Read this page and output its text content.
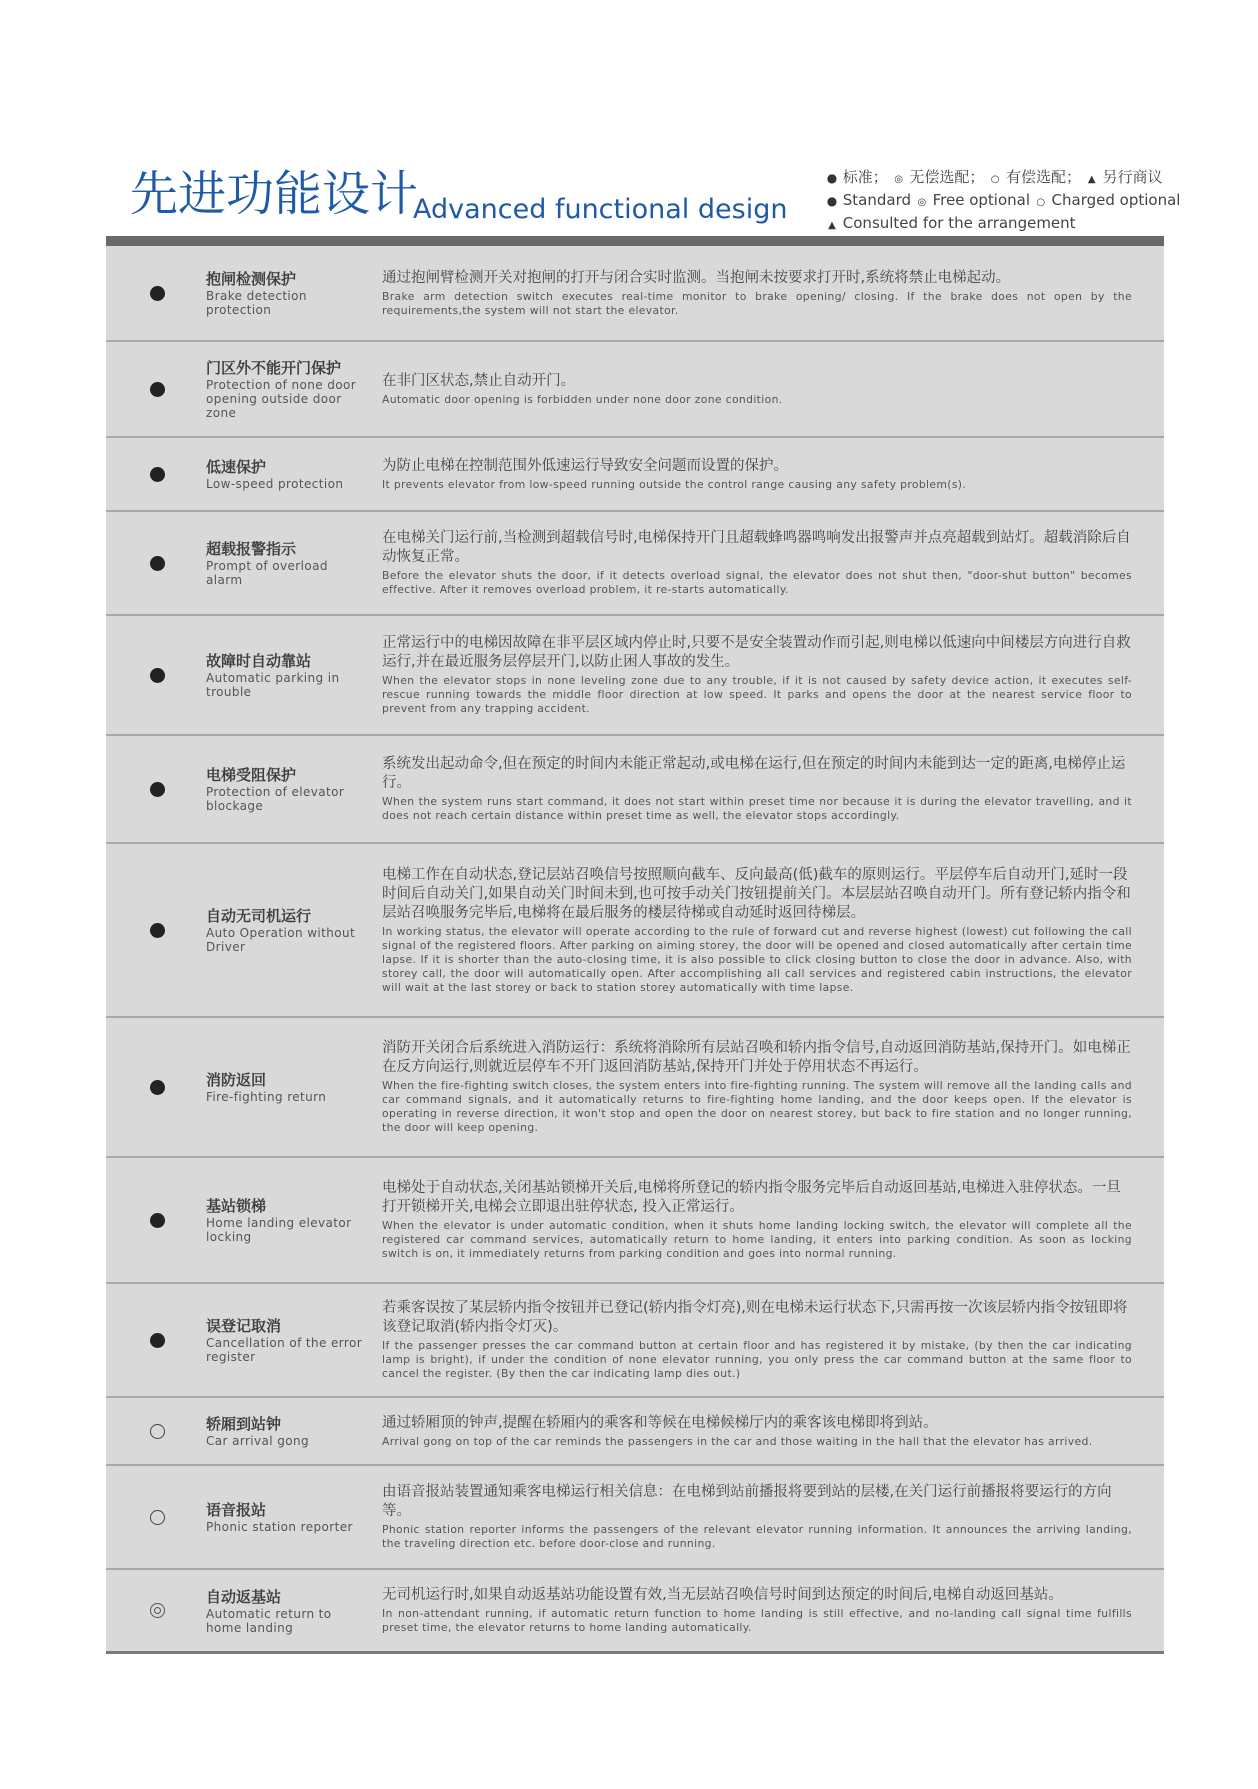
先进功能设计
Advanced functional design
● 标准； ◎ 无偿选配； ○ 有偿选配； ▲ 另行商议
● Standard ◎ Free optional ○ Charged optional
▲ Consulted for the arrangement
抱闸检测保护
Brake detection protection
通过抱闸臂检测开关对抱闸的打开与闭合实时监测。当抱闸未按要求打开时,系统将禁止电梯起动。
Brake arm detection switch executes real-time monitor to brake opening/ closing. If the brake does not open by the requirements,the system will not start the elevator.
门区外不能开门保护
Protection of none door opening outside door zone
在非门区状态,禁止自动开门。
Automatic door opening is forbidden under none door zone condition.
低速保护
Low-speed protection
为防止电梯在控制范围外低速运行导致安全问题而设置的保护。
It prevents elevator from low-speed running outside the control range causing any safety problem(s).
超载报警指示
Prompt of overload alarm
在电梯关门运行前,当检测到超载信号时,电梯保持开门且超载蜂鸣器鸣响发出报警声并点亮超载到站灯。超载消除后自动恢复正常。
Before the elevator shuts the door, if it detects overload signal, the elevator does not shut then, "door-shut button" becomes effective. After it removes overload problem, it re-starts automatically.
故障时自动靠站
Automatic parking in trouble
正常运行中的电梯因故障在非平层区域内停止时,只要不是安全装置动作而引起,则电梯以低速向中间楼层方向进行自救运行,并在最近服务层停层开门,以防止困人事故的发生。
When the elevator stops in none leveling zone due to any trouble, if it is not caused by safety device action, it executes self-rescue running towards the middle floor direction at low speed. It parks and opens the door at the nearest service floor to prevent from any trapping accident.
电梯受阻保护
Protection of elevator blockage
系统发出起动命令,但在预定的时间内未能正常起动,或电梯在运行,但在预定的时间内未能到达一定的距离,电梯停止运行。
When the system runs start command, it does not start within preset time nor because it is during the elevator travelling, and it does not reach certain distance within preset time as well, the elevator stops accordingly.
自动无司机运行
Auto Operation without Driver
电梯工作在自动状态,登记层站召唤信号按照顺向截车、反向最高(低)截车的原则运行。平层停车后自动开门,延时一段时间后自动关门,如果自动关门时间未到,也可按手动关门按钮提前关门。本层层站召唤自动开门。所有登记轿内指令和层站召唤服务完毕后,电梯将在最后服务的楼层待梯或自动延时返回待梯层。
In working status, the elevator will operate according to the rule of forward cut and reverse highest (lowest) cut following the call signal of the registered floors. After parking on aiming storey, the door will be opened and closed automatically after certain time lapse. If it is shorter than the auto-closing time, it is also possible to click closing button to close the door in advance. Also, with storey call, the door will automatically open. After accomplishing all call services and registered cabin instructions, the elevator will wait at the last storey or back to station storey automatically with time lapse.
消防返回
Fire-fighting return
消防开关闭合后系统进入消防运行：系统将消除所有层站召唤和轿内指令信号,自动返回消防基站,保持开门。如电梯正在反方向运行,则就近层停车不开门返回消防基站,保持开门并处于停用状态不再运行。
When the fire-fighting switch closes, the system enters into fire-fighting running. The system will remove all the landing calls and car command signals, and it automatically returns to fire-fighting home landing, and the door keeps open. If the elevator is operating in reverse direction, it won't stop and open the door on nearest storey, but back to fire station and no longer running, the door will keep opening.
基站锁梯
Home landing elevator locking
电梯处于自动状态,关闭基站锁梯开关后,电梯将所登记的轿内指令服务完毕后自动返回基站,电梯进入驻停状态。一旦打开锁梯开关,电梯会立即退出驻停状态, 投入正常运行。
When the elevator is under automatic condition, when it shuts home landing locking switch, the elevator will complete all the registered car command services, automatically return to home landing, it enters into parking condition. As soon as locking switch is on, it immediately returns from parking condition and goes into normal running.
误登记取消
Cancellation of the error register
若乘客误按了某层轿内指令按钮并已登记(轿内指令灯亮),则在电梯未运行状态下,只需再按一次该层轿内指令按钮即将该登记取消(轿内指令灯灭)。
If the passenger presses the car command button at certain floor and has registered it by mistake, (by then the car indicating lamp is bright), if under the condition of none elevator running, you only press the car command button at the same floor to cancel the register. (By then the car indicating lamp dies out.)
轿厢到站钟
Car arrival gong
通过轿厢顶的钟声,提醒在轿厢内的乘客和等候在电梯候梯厅内的乘客该电梯即将到站。
Arrival gong on top of the car reminds the passengers in the car and those waiting in the hall that the elevator has arrived.
语音报站
Phonic station reporter
由语音报站装置通知乘客电梯运行相关信息：在电梯到站前播报将要到站的层楼,在关门运行前播报将要运行的方向等。
Phonic station reporter informs the passengers of the relevant elevator running information. It announces the arriving landing, the traveling direction etc. before door-close and running.
自动返基站
Automatic return to home landing
无司机运行时,如果自动返基站功能设置有效,当无层站召唤信号时间到达预定的时间后,电梯自动返回基站。
In non-attendant running, if automatic return function to home landing is still effective, and no-landing call signal time fulfills preset time, the elevator returns to home landing automatically.
